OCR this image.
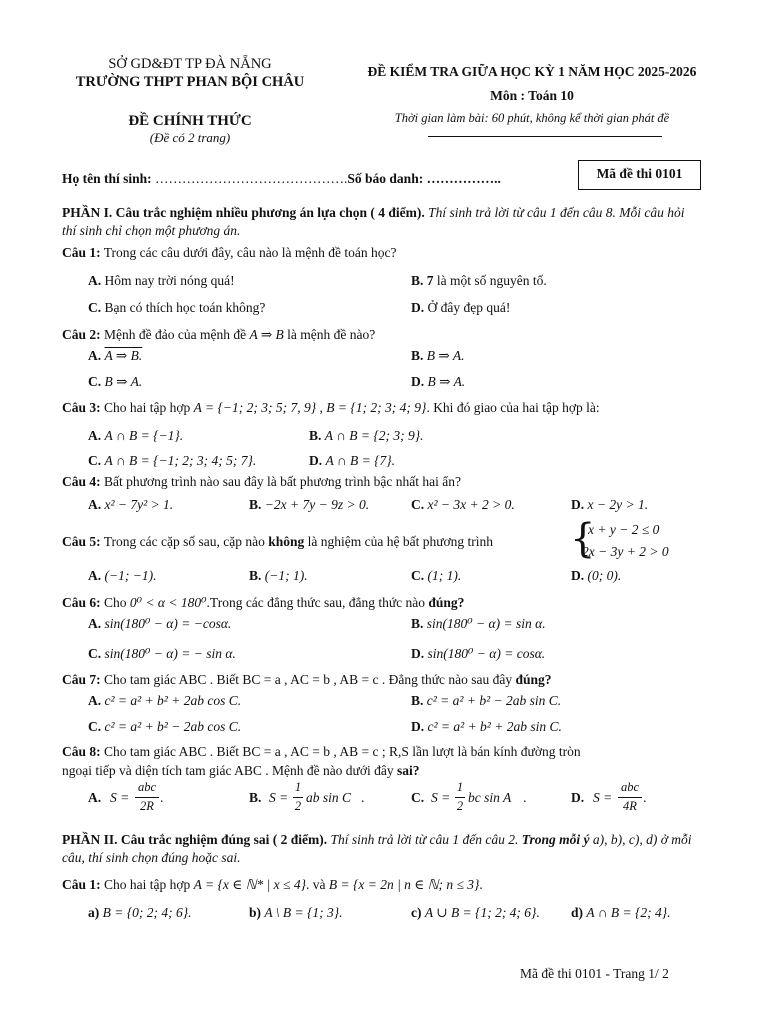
SỞ GD&ĐT TP ĐÀ NẴNG
TRƯỜNG THPT PHAN BỘI CHÂU
ĐỀ CHÍNH THỨC
(Đề có 2 trang)
ĐỀ KIỂM TRA GIỮA HỌC KỲ 1 NĂM HỌC 2025-2026
Môn : Toán 10
Thời gian làm bài: 60 phút, không kể thời gian phát đề
Họ tên thí sinh: …………………………………….Số báo danh: ……………..	Mã đề thi 0101
PHẦN I. Câu trắc nghiệm nhiều phương án lựa chọn ( 4 điểm). Thí sinh trả lời từ câu 1 đến câu 8. Mỗi câu hỏi thí sinh chỉ chọn một phương án.
Câu 1: Trong các câu dưới đây, câu nào là mệnh đề toán học?
A. Hôm nay trời nóng quá!	B. 7 là một số nguyên tố.
C. Bạn có thích học toán không?	D. Ở đây đẹp quá!
Câu 2: Mệnh đề đảo của mệnh đề A ⇒ B là mệnh đề nào?
A. A ⇒ B.	B. B ⇒ A.
C. B ⇒ A.	D. B ⇒ A.
Câu 3: Cho hai tập hợp A = {−1; 2; 3; 5; 7, 9} , B = {1; 2; 3; 4; 9}. Khi đó giao của hai tập hợp là:
A. A ∩ B = {−1}.	B. A ∩ B = {2; 3; 9}.
C. A ∩ B = {−1; 2; 3; 4; 5; 7}.	D. A ∩ B = {7}.
Câu 4: Bất phương trình nào sau đây là bất phương trình bậc nhất hai ẩn?
A. x² − 7y² > 1.	B. −2x + 7y − 9z > 0.	C. x² − 3x + 2 > 0.	D. x − 2y > 1.
Câu 5: Trong các cặp số sau, cặp nào không là nghiệm của hệ bất phương trình {
x + y − 2 ≤ 0
2x − 3y + 2 > 0
A. (−1; −1).	B. (−1; 1).	C. (1; 1).	D. (0; 0).
Câu 6: Cho 0⁰ < α < 180⁰.Trong các đẳng thức sau, đẳng thức nào đúng?
A. sin(180⁰ − α) = −cosα.	B. sin(180⁰ − α) = sin α.
C. sin(180⁰ − α) = − sin α.	D. sin(180⁰ − α) = cosα.
Câu 7: Cho tam giác ABC . Biết BC = a , AC = b , AB = c . Đẳng thức nào sau đây đúng?
A. c² = a² + b² + 2ab cos C.	B. c² = a² + b² − 2ab sin C.
C. c² = a² + b² − 2ab cos C.	D. c² = a² + b² + 2ab sin C.
Câu 8: Cho tam giác ABC . Biết BC = a , AC = b , AB = c ; R,S lần lượt là bán kính đường tròn
ngoại tiếp và diện tích tam giác ABC . Mệnh đề nào dưới đây sai?
A. S =
abc
2R
.	B. S =
1
2
ab sin C .	C. S =
1
2
bc sin A .	D. S =
abc
4R
.
PHẦN II. Câu trắc nghiệm đúng sai ( 2 điểm). Thí sinh trả lời từ câu 1 đến câu 2. Trong mỗi ý a), b), c), d) ở mỗi câu, thí sinh chọn đúng hoặc sai.
Câu 1: Cho hai tập hợp A = {x ∈ ℕ* | x ≤ 4}. và B = {x = 2n | n ∈ ℕ; n ≤ 3}.
a) B = {0; 2; 4; 6}.	b) A \ B = {1; 3}.	c) A ∪ B = {1; 2; 4; 6}. d) A ∩ B = {2; 4}.
Mã đề thi 0101 - Trang 1/ 2
